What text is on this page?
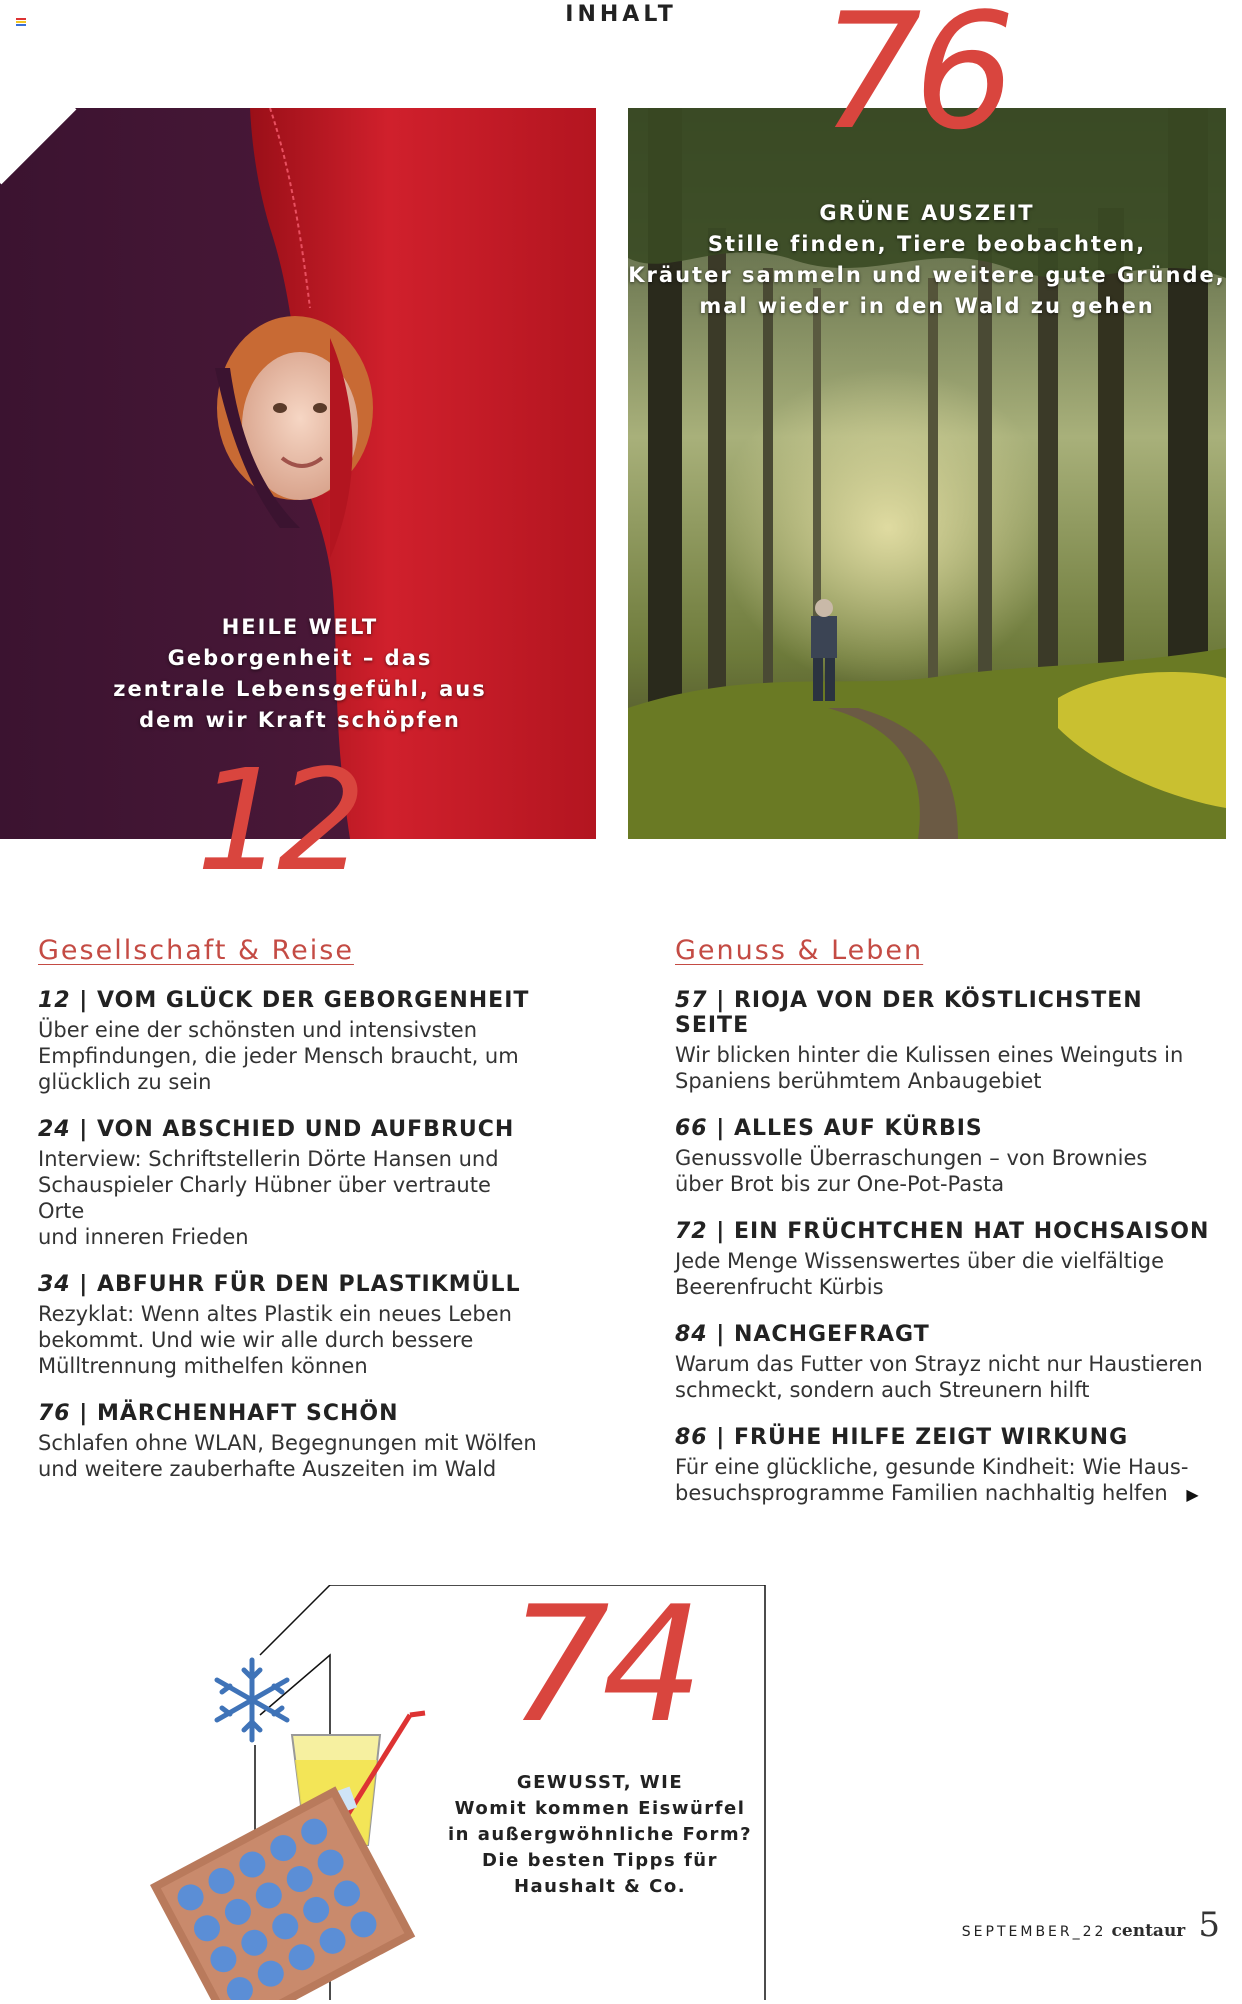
INHALT
HEILE WELT
Geborgenheit – das
zentrale Lebensgefühl, aus
dem wir Kraft schöpfen
12
GRÜNE AUSZEIT
Stille finden, Tiere beobachten,
Kräuter sammeln und weitere gute Gründe,
mal wieder in den Wald zu gehen
76
Gesellschaft & Reise
12 | VOM GLÜCK DER GEBORGENHEIT
Über eine der schönsten und intensivsten
Empfindungen, die jeder Mensch braucht, um
glücklich zu sein
24 | VON ABSCHIED UND AUFBRUCH
Interview: Schriftstellerin Dörte Hansen und
Schauspieler Charly Hübner über vertraute Orte
und inneren Frieden
34 | ABFUHR FÜR DEN PLASTIKMÜLL
Rezyklat: Wenn altes Plastik ein neues Leben
bekommt. Und wie wir alle durch bessere
Mülltrennung mithelfen können
76 | MÄRCHENHAFT SCHÖN
Schlafen ohne WLAN, Begegnungen mit Wölfen
und weitere zauberhafte Auszeiten im Wald
Genuss & Leben
57 | RIOJA VON DER KÖSTLICHSTEN SEITE
Wir blicken hinter die Kulissen eines Weinguts in
Spaniens berühmtem Anbaugebiet
66 | ALLES AUF KÜRBIS
Genussvolle Überraschungen – von Brownies
über Brot bis zur One-Pot-Pasta
72 | EIN FRÜCHTCHEN HAT HOCHSAISON
Jede Menge Wissenswertes über die vielfältige
Beerenfrucht Kürbis
84 | NACHGEFRAGT
Warum das Futter von Strayz nicht nur Haustieren
schmeckt, sondern auch Streunern hilft
86 | FRÜHE HILFE ZEIGT WIRKUNG
Für eine glückliche, gesunde Kindheit: Wie Haus-
besuchsprogramme Familien nachhaltig helfen ▶
74
GEWUSST, WIE
Womit kommen Eiswürfel
in außergwöhnliche Form?
Die besten Tipps für
Haushalt & Co.
SEPTEMBER_22 centaur 5
